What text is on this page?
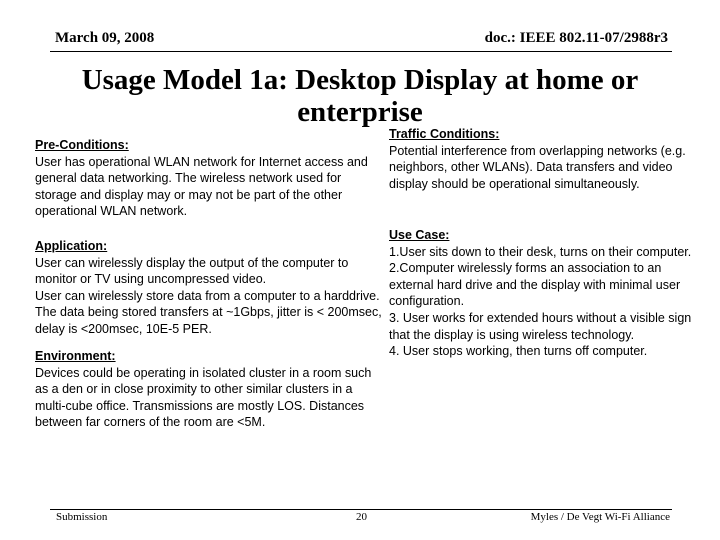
March 09, 2008	doc.: IEEE 802.11-07/2988r3
Usage Model 1a: Desktop Display at home or enterprise
Pre-Conditions:
User has operational WLAN network for Internet access and general data networking. The wireless network used for storage and display may or may not be part of the other operational WLAN network.
Application:
User can wirelessly display the output of the computer to monitor or TV using uncompressed video.
User can wirelessly store data from a computer to a harddrive. The data being stored transfers at ~1Gbps, jitter is < 200msec, delay is <200msec, 10E-5 PER.
Environment:
Devices could be operating in isolated cluster in a room such as a den or in close proximity to other similar clusters in a multi-cube office. Transmissions are mostly LOS. Distances between far corners of the room are <5M.
Traffic Conditions:
Potential interference from overlapping networks (e.g. neighbors, other WLANs). Data transfers and video display should be operational simultaneously.
Use Case:
1.User sits down to their desk, turns on their computer.
2.Computer wirelessly forms an association to an external hard drive and the display with minimal user configuration.
3. User works for extended hours without a visible sign that the display is using wireless technology.
4. User stops working, then turns off computer.
Submission	20	Myles / De Vegt Wi-Fi Alliance
